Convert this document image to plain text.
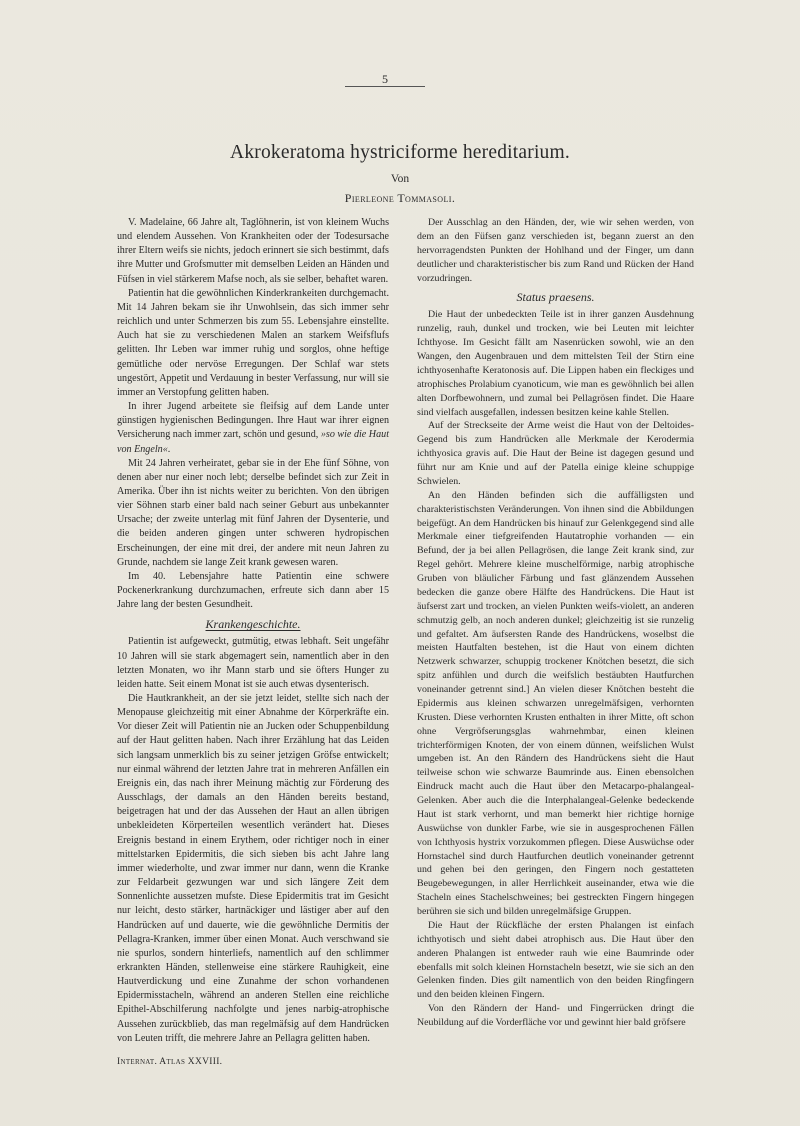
5
Akrokeratoma hystriciforme hereditarium.
Von
Pierleone Tommasoli.

V. Madelaine, 66 Jahre alt, Taglöhnerin, ist von kleinem Wuchs und elendem Aussehen. Von Krankheiten oder der Todesursache ihrer Eltern weifs sie nichts, jedoch erinnert sie sich bestimmt, dafs ihre Mutter und Grofsmutter mit demselben Leiden an Händen und Füfsen in viel stärkerem Mafse noch, als sie selber, behaftet waren.

Patientin hat die gewöhnlichen Kinderkrankeiten durchgemacht. Mit 14 Jahren bekam sie ihr Unwohlsein, das sich immer sehr reichlich und unter Schmerzen bis zum 55. Lebensjahre einstellte. Auch hat sie zu verschiedenen Malen an starkem Weifsflufs gelitten. Ihr Leben war immer ruhig und sorglos, ohne heftige gemütliche oder nervöse Erregungen. Der Schlaf war stets ungestört, Appetit und Verdauung in bester Verfassung, nur will sie immer an Verstopfung gelitten haben.

In ihrer Jugend arbeitete sie fleifsig auf dem Lande unter günstigen hygienischen Bedingungen. Ihre Haut war ihrer eignen Versicherung nach immer zart, schön und gesund, »so wie die Haut von Engeln«.

Mit 24 Jahren verheiratet, gebar sie in der Ehe fünf Söhne, von denen aber nur einer noch lebt; derselbe befindet sich zur Zeit in Amerika. Über ihn ist nichts weiter zu berichten. Von den übrigen vier Söhnen starb einer bald nach seiner Geburt aus unbekannter Ursache; der zweite unterlag mit fünf Jahren der Dysenterie, und die beiden anderen gingen unter schweren hydropischen Erscheinungen, der eine mit drei, der andere mit neun Jahren zu Grunde, nachdem sie lange Zeit krank gewesen waren.

Im 40. Lebensjahre hatte Patientin eine schwere Pockenerkrankung durchzumachen, erfreute sich dann aber 15 Jahre lang der besten Gesundheit.

Krankengeschichte.

Patientin ist aufgeweckt, gutmütig, etwas lebhaft. Seit ungefähr 10 Jahren will sie stark abgemagert sein, namentlich aber in den letzten Monaten, wo ihr Mann starb und sie öfters Hunger zu leiden hatte. Seit einem Monat ist sie auch etwas dysenterisch.

Die Hautkrankheit, an der sie jetzt leidet, stellte sich nach der Menopause gleichzeitig mit einer Abnahme der Körperkräfte ein. Vor dieser Zeit will Patientin nie an Jucken oder Schuppenbildung auf der Haut gelitten haben. Nach ihrer Erzählung hat das Leiden sich langsam unmerklich bis zu seiner jetzigen Gröfse entwickelt; nur einmal während der letzten Jahre trat in mehreren Anfällen ein Ereignis ein, das nach ihrer Meinung mächtig zur Förderung des Ausschlags, der damals an den Händen bereits bestand, beigetragen hat und der das Aussehen der Haut an allen übrigen unbekleideten Körperteilen wesentlich verändert hat. Dieses Ereignis bestand in einem Erythem, oder richtiger noch in einer mittelstarken Epidermitis, die sich sieben bis acht Jahre lang immer wiederholte, und zwar immer nur dann, wenn die Kranke zur Feldarbeit gezwungen war und sich längere Zeit dem Sonnenlichte aussetzen mufste. Diese Epidermitis trat im Gesicht nur leicht, desto stärker, hartnäckiger und lästiger aber auf den Handrücken auf und dauerte, wie die gewöhnliche Dermitis der Pellagra-Kranken, immer über einen Monat. Auch verschwand sie nie spurlos, sondern hinterliefs, namentlich auf den schlimmer erkrankten Händen, stellenweise eine stärkere Rauhigkeit, eine Hautverdickung und eine Zunahme der schon vorhandenen Epidermisstacheln, während an anderen Stellen eine reichliche Epithel-Abschilferung nachfolgte und jenes narbig-atrophische Aussehen zurückblieb, das man regelmäfsig auf dem Handrücken von Leuten trifft, die mehrere Jahre an Pellagra gelitten haben.

Der Ausschlag an den Händen, der, wie wir sehen werden, von dem an den Füfsen ganz verschieden ist, begann zuerst an den hervorragendsten Punkten der Hohlhand und der Finger, um dann deutlicher und charakteristischer bis zum Rand und Rücken der Hand vorzudringen.

Status praesens.

Die Haut der unbedeckten Teile ist in ihrer ganzen Ausdehnung runzelig, rauh, dunkel und trocken, wie bei Leuten mit leichter Ichthyose. Im Gesicht fällt am Nasenrücken sowohl, wie an den Wangen, den Augenbrauen und dem mittelsten Teil der Stirn eine ichthyosenhafte Keratonosis auf. Die Lippen haben ein fleckiges und atrophisches Prolabium cyanoticum, wie man es gewöhnlich bei allen alten Dorfbewohnern, und zumal bei Pellagrösen findet. Die Haare sind vielfach ausgefallen, indessen besitzen keine kahle Stellen.

Auf der Streckseite der Arme weist die Haut von der Deltoides-Gegend bis zum Handrücken alle Merkmale der Kerodermia ichthyosica gravis auf. Die Haut der Beine ist dagegen gesund und führt nur am Knie und auf der Patella einige kleine schuppige Schwielen.

An den Händen befinden sich die auffälligsten und charakteristischsten Veränderungen. Von ihnen sind die Abbildungen beigefügt. An dem Handrücken bis hinauf zur Gelenkgegend sind alle Merkmale einer tiefgreifenden Hautatrophie vorhanden — ein Befund, der ja bei allen Pellagrösen, die lange Zeit krank sind, zur Regel gehört. Mehrere kleine muschelförmige, narbig atrophische Gruben von bläulicher Färbung und fast glänzendem Aussehen bedecken die ganze obere Hälfte des Handrückens. Die Haut ist äufserst zart und trocken, an vielen Punkten weifs-violett, an anderen schmutzig gelb, an noch anderen dunkel; gleichzeitig ist sie runzelig und gefaltet. Am äufsersten Rande des Handrückens, woselbst die meisten Hautfalten bestehen, ist die Haut von einem dichten Netzwerk schwarzer, schuppig trockener Knötchen besetzt, die sich spitz anfühlen und durch die weifslich bestäubten Hautfurchen voneinander getrennt sind.] An vielen dieser Knötchen besteht die Epidermis aus kleinen schwarzen unregelmäfsigen, verhornten Krusten. Diese verhornten Krusten enthalten in ihrer Mitte, oft schon ohne Vergröfserungsglas wahrnehmbar, einen kleinen trichterförmigen Knoten, der von einem dünnen, weifslichen Wulst umgeben ist. An den Rändern des Handrückens sieht die Haut teilweise schon wie schwarze Baumrinde aus. Einen ebensolchen Eindruck macht auch die Haut über den Metacarpo-phalangeal-Gelenken. Aber auch die die Interphalangeal-Gelenke bedeckende Haut ist stark verhornt, und man bemerkt hier richtige hornige Auswüchse von dunkler Farbe, wie sie in ausgesprochenen Fällen von Ichthyosis hystrix vorzukommen pflegen. Diese Auswüchse oder Hornstachel sind durch Hautfurchen deutlich voneinander getrennt und gehen bei den geringen, den Fingern noch gestatteten Beugebewegungen, in aller Herrlichkeit auseinander, etwa wie die Stacheln eines Stachelschweines; bei gestreckten Fingern hingegen berühren sie sich und bilden unregelmäfsige Gruppen.

Die Haut der Rückfläche der ersten Phalangen ist einfach ichthyotisch und sieht dabei atrophisch aus. Die Haut über den anderen Phalangen ist entweder rauh wie eine Baumrinde oder ebenfalls mit solch kleinen Hornstacheln besetzt, wie sie sich an den Gelenken finden. Dies gilt namentlich von den beiden Ringfingern und den beiden kleinen Fingern.

Von den Rändern der Hand- und Fingerrücken dringt die Neubildung auf die Vorderfläche vor und gewinnt hier bald gröfsere

Internat. Atlas XXVIII.
